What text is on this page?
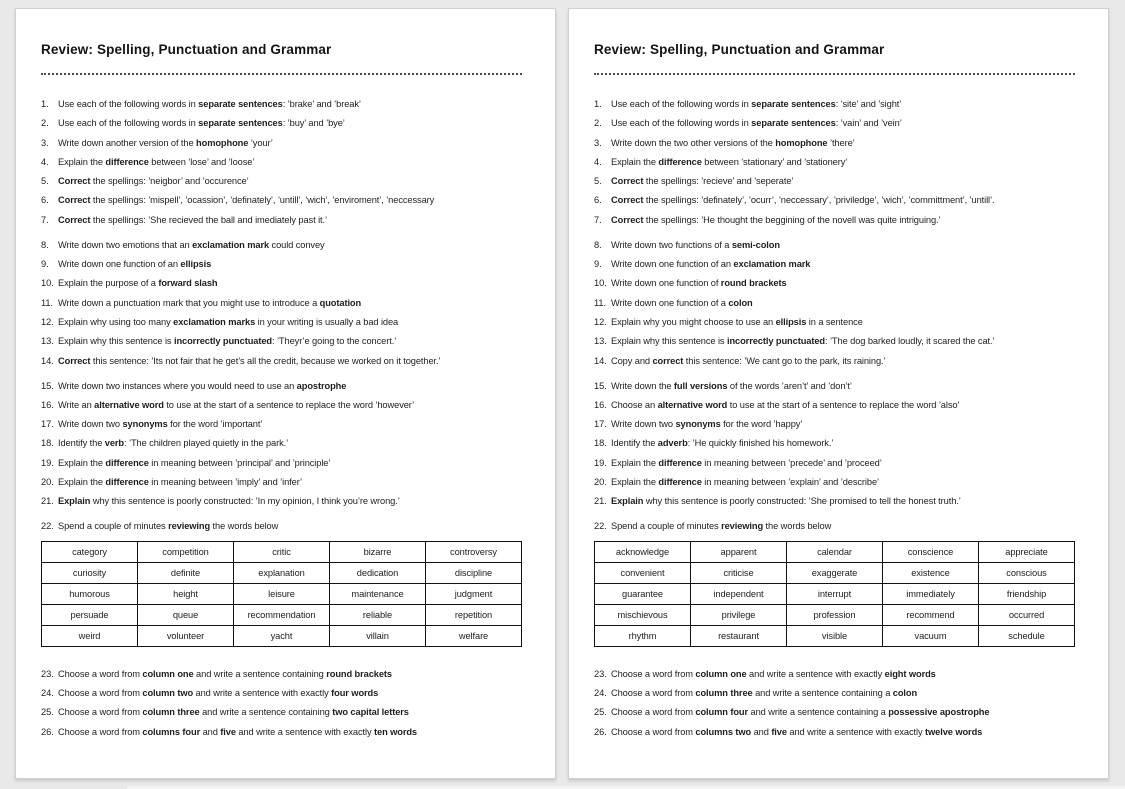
Review: Spelling, Punctuation and Grammar
1.	Use each of the following words in separate sentences: ’brake’ and ’break’
2.	Use each of the following words in separate sentences: ’buy’ and ’bye’
3.	Write down another version of the homophone ’your’
4.	Explain the difference between ’lose’ and ’loose’
5.	Correct the spellings: ’neigbor’ and ’occurence’
6.	Correct the spellings: ’mispell’, ’ocassion’, ’definately’, ’untill’, ’wich’, ’enviroment’, ’neccessary
7.	Correct the spellings: ’She recieved the ball and imediately past it.’
8.	Write down two emotions that an exclamation mark could convey
9.	Write down one function of an ellipsis
10. Explain the purpose of a forward slash
11. Write down a punctuation mark that you might use to introduce a quotation
12. Explain why using too many exclamation marks in your writing is usually a bad idea
13. Explain why this sentence is incorrectly punctuated: ’Theyr’e going to the concert.’
14. Correct this sentence: ’Its not fair that he get’s all the credit, because we worked on it together.’
15. Write down two instances where you would need to use an apostrophe
16. Write an alternative word to use at the start of a sentence to replace the word ’however’
17. Write down two synonyms for the word ’important’
18. Identify the verb: ’The children played quietly in the park.’
19. Explain the difference in meaning between ’principal’ and ’principle’
20. Explain the difference in meaning between ’imply’ and ’infer’
21. Explain why this sentence is poorly constructed: ’In my opinion, I think you’re wrong.’
22. Spend a couple of minutes reviewing the words below
category	competition	critic	bizarre	controversy
curiosity	definite	explanation	dedication	discipline
humorous	height	leisure	maintenance	judgment
persuade	queue	recommendation	reliable	repetition
weird	volunteer	yacht	villain	welfare
23. Choose a word from column one and write a sentence containing round brackets
24. Choose a word from column two and write a sentence with exactly four words
25. Choose a word from column three and write a sentence containing two capital letters
26. Choose a word from columns four and five and write a sentence with exactly ten words
Review: Spelling, Punctuation and Grammar
1.	Use each of the following words in separate sentences: ’site’ and ’sight’
2.	Use each of the following words in separate sentences: ’vain’ and ’vein’
3.	Write down the two other versions of the homophone ’there’
4.	Explain the difference between ’stationary’ and ’stationery’
5.	Correct the spellings: ’recieve’ and ’seperate’
6.	Correct the spellings: ’definately’, ’ocurr’, ’neccessary’, ’priviledge’, ’wich’, ’committment’, ’untill’.
7.	Correct the spellings: ’He thought the beggining of the novell was quite intriguing.’
8.	Write down two functions of a semi-colon
9.	Write down one function of an exclamation mark
10. Write down one function of round brackets
11. Write down one function of a colon
12. Explain why you might choose to use an ellipsis in a sentence
13. Explain why this sentence is incorrectly punctuated: ’The dog barked loudly, it scared the cat.’
14. Copy and correct this sentence: ’We cant go to the park, its raining.’
15. Write down the full versions of the words ’aren’t’ and ’don’t’
16. Choose an alternative word to use at the start of a sentence to replace the word ’also’
17. Write down two synonyms for the word ’happy’
18. Identify the adverb: ’He quickly finished his homework.’
19. Explain the difference in meaning between ’precede’ and ’proceed’
20. Explain the difference in meaning between ’explain’ and ’describe’
21. Explain why this sentence is poorly constructed: ’She promised to tell the honest truth.’
22. Spend a couple of minutes reviewing the words below
acknowledge	apparent	calendar	conscience	appreciate
convenient	criticise	exaggerate	existence	conscious
guarantee	independent	interrupt	immediately	friendship
mischievous	privilege	profession	recommend	occurred
rhythm	restaurant	visible	vacuum	schedule
23. Choose a word from column one and write a sentence with exactly eight words
24. Choose a word from column three and write a sentence containing a colon
25. Choose a word from column four and write a sentence containing a possessive apostrophe
26. Choose a word from columns two and five and write a sentence with exactly twelve words
